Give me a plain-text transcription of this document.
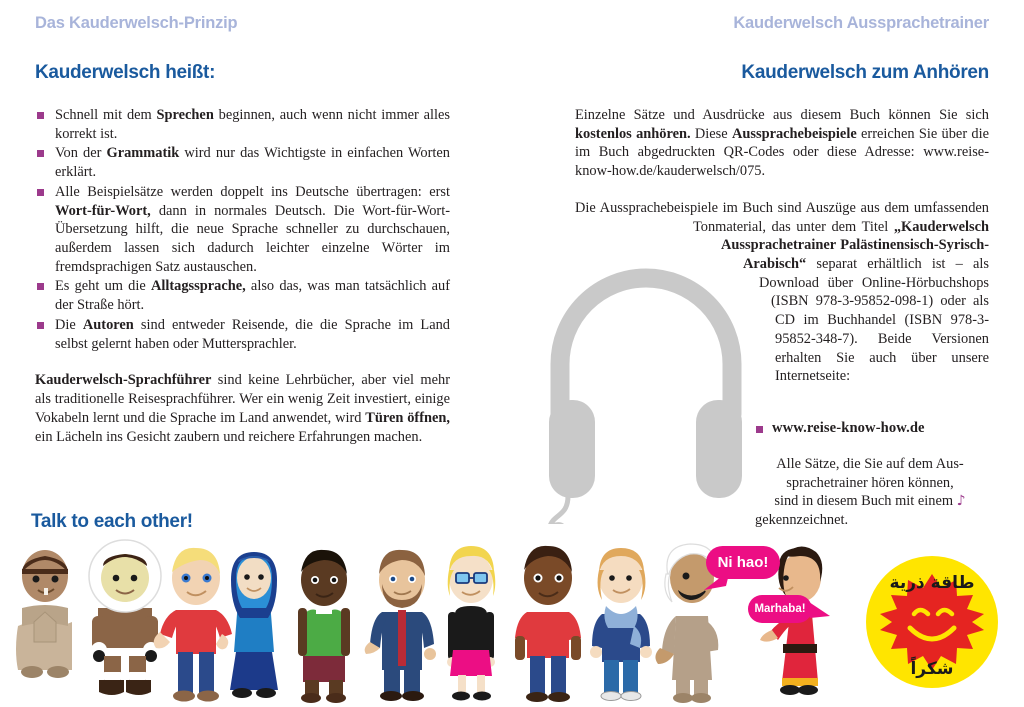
Das Kauderwelsch-Prinzip	Kauderwelsch Aussprachetrainer
Kauderwelsch heißt:
Schnell mit dem Sprechen beginnen, auch wenn nicht immer alles korrekt ist.
Von der Grammatik wird nur das Wichtigste in einfachen Worten erklärt.
Alle Beispielsätze werden doppelt ins Deutsche übertragen: erst Wort-für-Wort, dann in normales Deutsch. Die Wort-für-Wort-Übersetzung hilft, die neue Sprache schneller zu durchschauen, außerdem lassen sich dadurch leichter einzelne Wörter im fremdsprachigen Satz austauschen.
Es geht um die Alltagssprache, also das, was man tatsächlich auf der Straße hört.
Die Autoren sind entweder Reisende, die die Sprache im Land selbst gelernt haben oder Muttersprachler.

Kauderwelsch-Sprachführer sind keine Lehrbücher, aber viel mehr als traditionelle Reisesprachführer. Wer ein wenig Zeit investiert, einige Vokabeln lernt und die Sprache im Land anwendet, wird Türen öffnen, ein Lächeln ins Gesicht zaubern und reichere Erfahrungen machen.

Kauderwelsch zum Anhören

Einzelne Sätze und Ausdrücke aus diesem Buch können Sie sich kostenlos anhören. Diese Aussprachebeispiele erreichen Sie über die im Buch abgedruckten QR-Codes oder diese Adresse: www.reise-know-how.de/kauderwelsch/075.

Die Aussprachebeispiele im Buch sind Auszüge aus dem umfassenden Tonmaterial, das unter dem Titel „Kauderwelsch Aussprachetrainer Palästinensisch-Syrisch-Arabisch“ separat erhältlich ist – als Download über Online-Hörbuchshops (ISBN 978-3-95852-098-1) oder als CD im Buchhandel (ISBN 978-3-95852-348-7). Beide Versionen erhalten Sie auch über unsere Internetseite:
www.reise-know-how.de
Alle Sätze, die Sie auf dem Aus-
sprachetrainer hören können,
sind in diesem Buch mit einem ♪
gekennzeichnet.
Talk to each other!
طاقة ذرية
شكراً
Ni hao!
Marhaba!
